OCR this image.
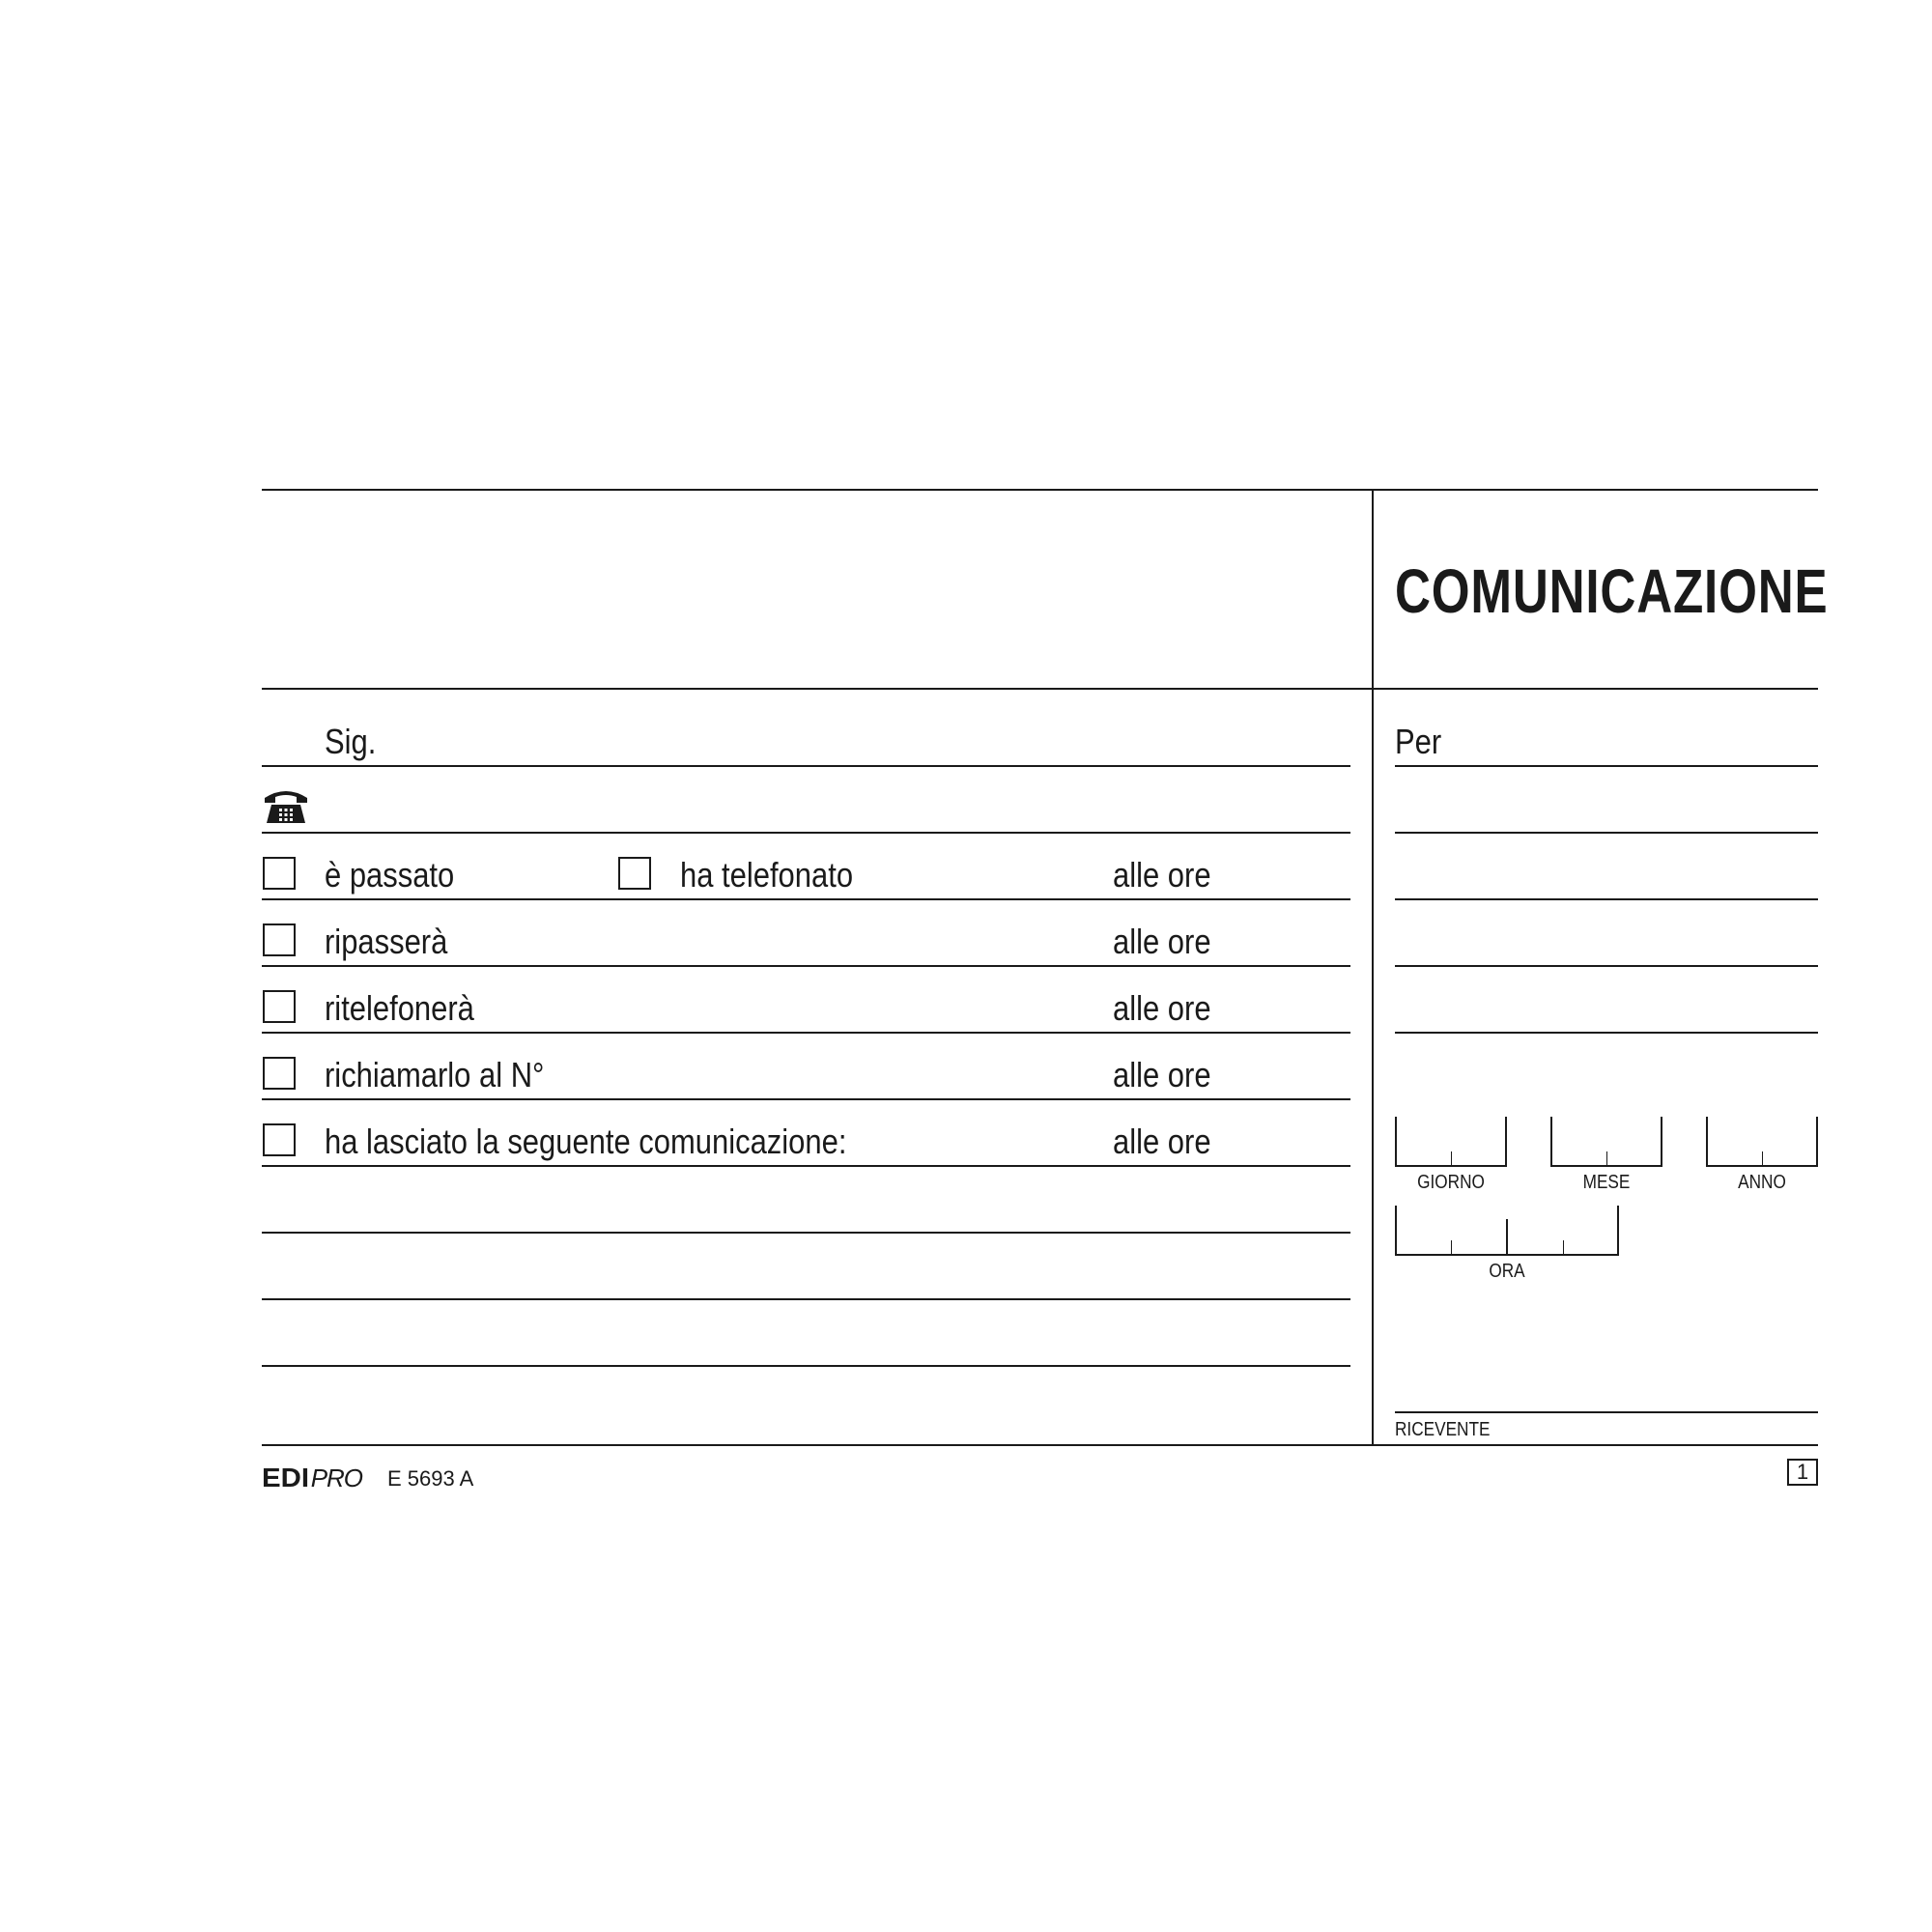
COMUNICAZIONE
Sig.
è passato	ha telefonato	alle ore
ripasserà	alle ore
ritelefonerà	alle ore
richiamarlo al N°	alle ore
ha lasciato la seguente comunicazione:	alle ore
Per
GIORNO	MESE	ANNO
ORA
RICEVENTE
EDIPRO E 5693 A	1
